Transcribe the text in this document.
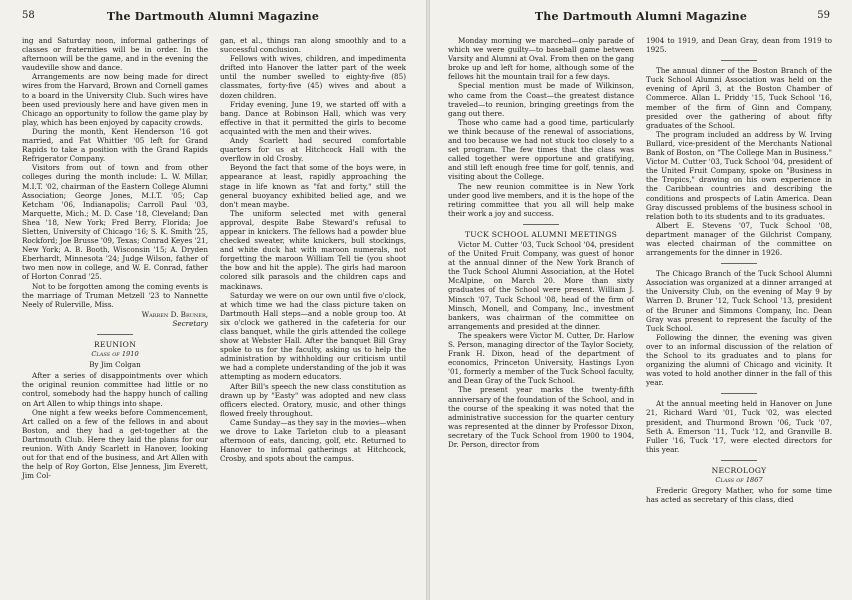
58	The Dartmouth Alumni Magazine

ing and Saturday noon, informal gatherings of classes or fraternities will be in order. In the afternoon will be the game, and in the evening the vaudeville show and dance.

Arrangements are now being made for direct wires from the Harvard, Brown and Cornell games to a board in the University Club. Such wires have been used previously here and have given men in Chicago an opportunity to follow the game play by play, which has been enjoyed by capacity crowds.

During the month, Kent Henderson '16 got married, and Fat Whittier '05 left for Grand Rapids to take a position with the Grand Rapids Refrigerator Company.

Visitors from out of town and from other colleges during the month include: L. W. Millar, M.I.T. '02, chairman of the Eastern College Alumni Association; George Jones, M.I.T. '05; Cap Ketcham '06, Indianapolis; Carroll Paul '03, Marquette, Mich.; M. D. Case '18, Cleveland; Dan Shea '18, New York; Fred Berry, Florida; Joe Sletten, University of Chicago '16; S. K. Smith '25, Rockford; Joe Brusse '09, Texas; Conrad Keyes '21, New York; A. B. Booth, Wisconsin '15; A. Dryden Eberhardt, Minnesota '24; Judge Wilson, father of two men now in college, and W. E. Conrad, father of Horton Conrad '25.

Not to be forgotten among the coming events is the marriage of Truman Metzell '23 to Nannette Neely of Rulerville, Miss.

Warren D. Bruner,

Secretary

REUNION
Class of 1910
By Jim Colgan

After a series of disappointments over which the original reunion committee had little or no control, somebody had the happy hunch of calling on Art Allen to whip things into shape.

One night a few weeks before Commencement, Art called on a few of the fellows in and about Boston, and they had a get-together at the Dartmouth Club. Here they laid the plans for our reunion. With Andy Scarlett in Hanover, looking out for that end of the business, and Art Allen with the help of Roy Gorton, Else Jenness, Jim Everett, Jim Col-

gan, et al., things ran along smoothly and to a successful conclusion.

Fellows with wives, children, and impedimenta drifted into Hanover the latter part of the week until the number swelled to eighty-five (85) classmates, forty-five (45) wives and about a dozen children.

Friday evening, June 19, we started off with a bang. Dance at Robinson Hall, which was very effective in that it permitted the girls to become acquainted with the men and their wives.

Andy Scarlett had secured comfortable quarters for us at Hitchcock Hall with the overflow in old Crosby.

Beyond the fact that some of the boys were, in appearance at least, rapidly approaching the stage in life known as "fat and forty," still the general buoyancy exhibited belied age, and we don't mean maybe.

The uniform selected met with general approval, despite Babe Steward's refusal to appear in knickers. The fellows had a powder blue checked sweater, white knickers, bull stockings, and white duck hat with maroon numerals, not forgetting the maroon William Tell tie (you shoot the bow and hit the apple). The girls had maroon colored silk parasols and the children caps and mackinaws.

Saturday we were on our own until five o'clock, at which time we had the class picture taken on Dartmouth Hall steps—and a noble group too. At six o'clock we gathered in the cafeteria for our class banquet, while the girls attended the college show at Webster Hall. After the banquet Bill Gray spoke to us for the faculty, asking us to help the administration by withholding our criticism until we had a complete understanding of the job it was attempting as modern educators.

After Bill's speech the new class constitution as drawn up by "Easty" was adopted and new class officers elected. Oratory, music, and other things flowed freely throughout.

Came Sunday—as they say in the movies—when we drove to Lake Tarleton club to a pleasant afternoon of eats, dancing, golf, etc. Returned to Hanover to informal gatherings at Hitchcock, Crosby, and spots about the campus.

The Dartmouth Alumni Magazine	59

Monday morning we marched—only parade of which we were guilty—to baseball game between Varsity and Alumni at Oval. From then on the gang broke up and left for home, although some of the fellows hit the mountain trail for a few days.

Special mention must be made of Wilkinson, who came from the Coast—the greatest distance traveled—to reunion, bringing greetings from the gang out there.

Those who came had a good time, particularly we think because of the renewal of associations, and too because we had not stuck too closely to a set program. The few times that the class was called together were opportune and gratifying, and still left enough free time for golf, tennis, and visiting about the College.

The new reunion committee is in New York under good live members, and it is the hope of the retiring committee that you all will help make their work a joy and success.

TUCK SCHOOL ALUMNI MEETINGS

Victor M. Cutter '03, Tuck School '04, president of the United Fruit Company, was guest of honor at the annual dinner of the New York Branch of the Tuck School Alumni Association, at the Hotel McAlpine, on March 20. More than sixty graduates of the School were present. William J. Minsch '07, Tuck School '08, head of the firm of Minsch, Monell, and Company, Inc., investment bankers, was chairman of the committee on arrangements and presided at the dinner.

The speakers were Victor M. Cutter, Dr. Harlow S. Person, managing director of the Taylor Society, Frank H. Dixon, head of the department of economics, Princeton University, Hastings Lyon '01, formerly a member of the Tuck School faculty, and Dean Gray of the Tuck School.

The present year marks the twenty-fifth anniversary of the foundation of the School, and in the course of the speaking it was noted that the administrative succession for the quarter century was represented at the dinner by Professor Dixon, secretary of the Tuck School from 1900 to 1904, Dr. Person, director from

1904 to 1919, and Dean Gray, dean from 1919 to 1925.

The annual dinner of the Boston Branch of the Tuck School Alumni Association was held on the evening of April 3, at the Boston Chamber of Commerce. Allan L. Priddy '15, Tuck School '16, member of the firm of Ginn and Company, presided over the gathering of about fifty graduates of the School.

The program included an address by W. Irving Bullard, vice-president of the Merchants National Bank of Boston, on "The College Man in Business." Victor M. Cutter '03, Tuck School '04, president of the United Fruit Company, spoke on "Business in the Tropics," drawing on his own experience in the Caribbean countries and describing the conditions and prospects of Latin America. Dean Gray discussed problems of the business school in relation both to its students and to its graduates.

Albert E. Stevens '07, Tuck School '08, department manager of the Gilchrist Company, was elected chairman of the committee on arrangements for the dinner in 1926.

The Chicago Branch of the Tuck School Alumni Association was organized at a dinner arranged at the University Club, on the evening of May 9 by Warren D. Bruner '12, Tuck School '13, president of the Bruner and Simmons Company, Inc. Dean Gray was present to represent the faculty of the Tuck School.

Following the dinner, the evening was given over to an informal discussion of the relation of the School to its graduates and to plans for organizing the alumni of Chicago and vicinity. It was voted to hold another dinner in the fall of this year.

At the annual meeting held in Hanover on June 21, Richard Ward '01, Tuck '02, was elected president, and Thurmond Brown '06, Tuck '07, Seth A. Emerson '11, Tuck '12, and Granville B. Fuller '16, Tuck '17, were elected directors for this year.

NECROLOGY
Class of 1867

Frederic Gregory Mather, who for some time has acted as secretary of this class, died
